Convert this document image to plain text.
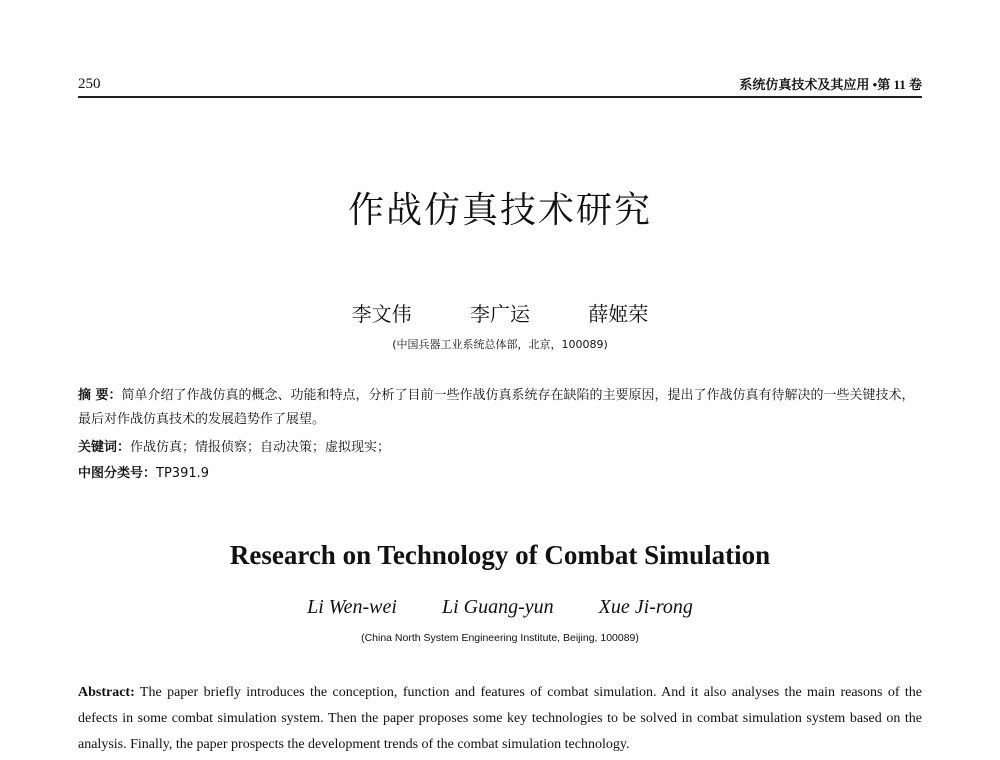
250	系统仿真技术及其应用 •第 11 卷
作战仿真技术研究
李文伟	李广运	薛姬荣
(中国兵器工业系统总体部，北京，100089)
摘 要：简单介绍了作战仿真的概念、功能和特点，分析了目前一些作战仿真系统存在缺陷的主要原因，提出了作战仿真有待解决的一些关键技术，最后对作战仿真技术的发展趋势作了展望。
关键词：作战仿真；情报侦察；自动决策；虚拟现实；
中图分类号：TP391.9
Research on Technology of Combat Simulation
Li Wen-wei Li Guang-yun Xue Ji-rong
(China North System Engineering Institute, Beijing, 100089)
Abstract: The paper briefly introduces the conception, function and features of combat simulation. And it also analyses the main reasons of the defects in some combat simulation system. Then the paper proposes some key technologies to be solved in combat simulation system based on the analysis. Finally, the paper prospects the development trends of the combat simulation technology.
